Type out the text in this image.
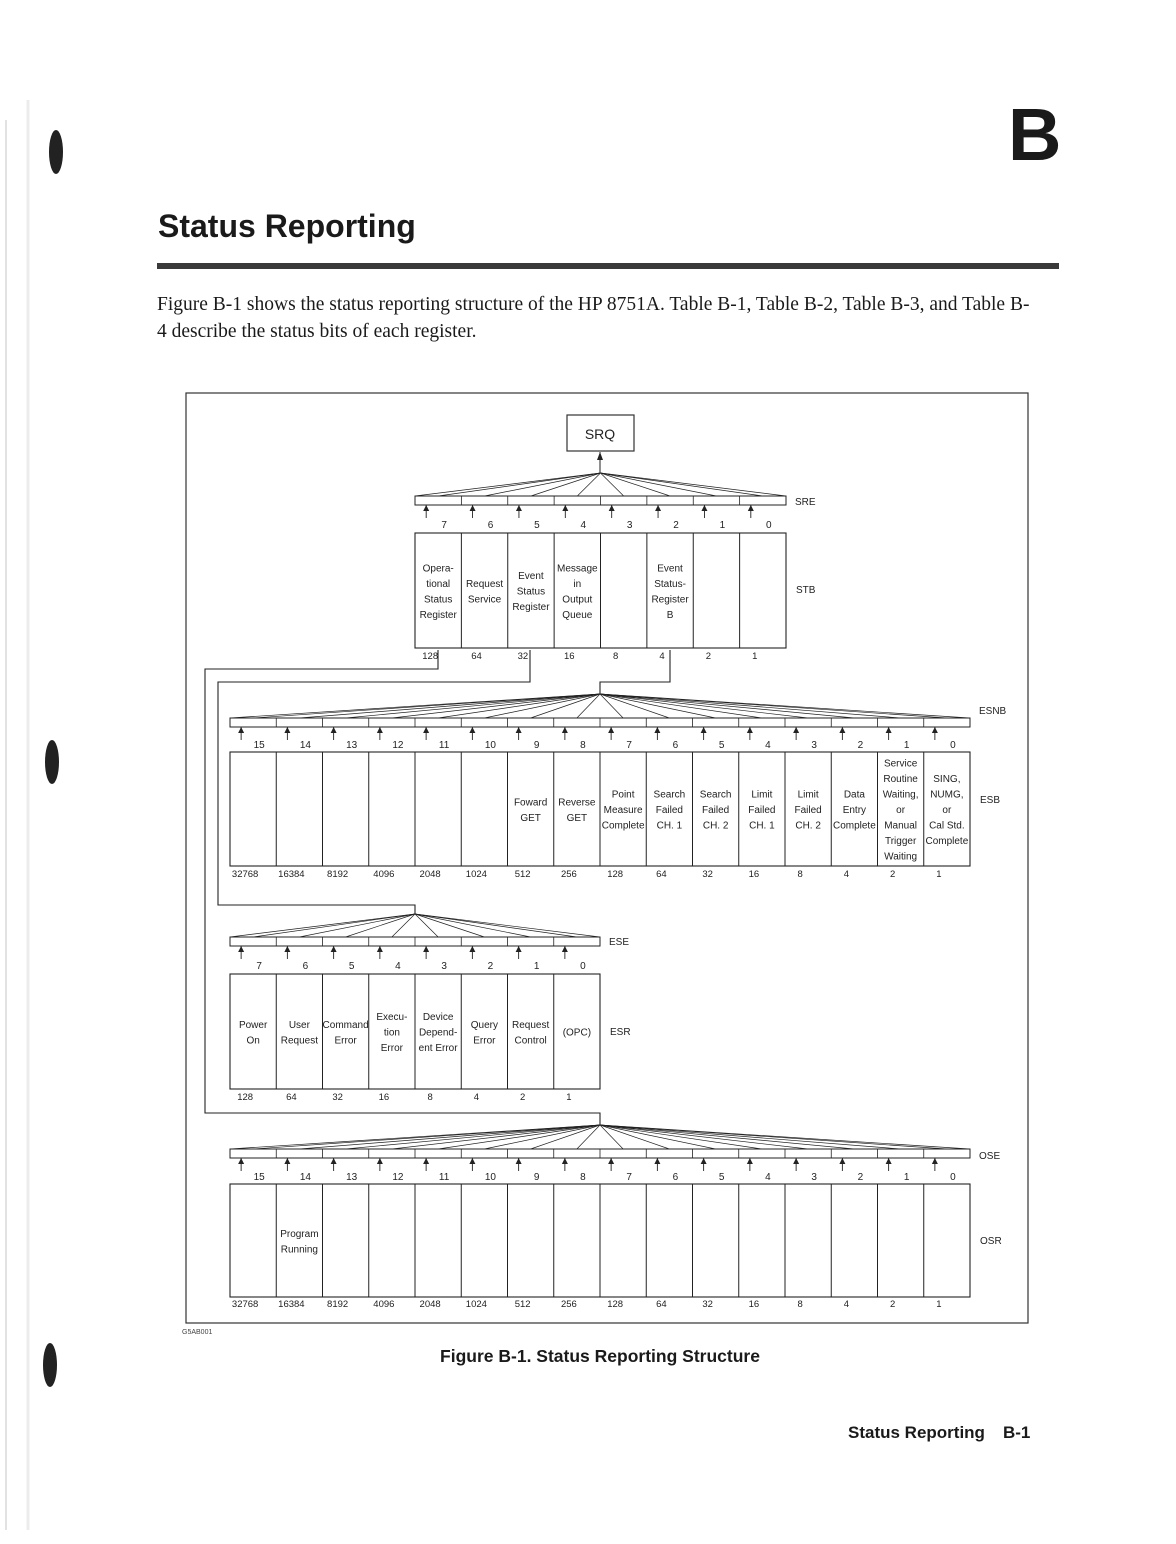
B
Status Reporting

Figure B-1 shows the status reporting structure of the HP 8751A. Table B-1, Table B-2, Table B-3, and Table B-4 describe the status bits of each register.

SRQ
SRE
7
128
Opera-
tional
Status
Register
6
64
Request
Service
5
32
Event
Status
Register
4
16
Message
in
Output
Queue
3
8
2
4
Event
Status-
Register
B
1
2
0
1
STB
ESNB
15
32768
14
16384
13
8192
12
4096
11
2048
10
1024
9
512
Foward
GET
8
256
Reverse
GET
7
128
Point
Measure
Complete
6
64
Search
Failed
CH. 1
5
32
Search
Failed
CH. 2
4
16
Limit
Failed
CH. 1
3
8
Limit
Failed
CH. 2
2
4
Data
Entry
Complete
1
2
Service
Routine
Waiting,
or
Manual
Trigger
Waiting
0
1
SING,
NUMG,
or
Cal Std.
Complete
ESB
ESE
7
128
Power
On
6
64
User
Request
5
32
Command
Error
4
16
Execu-
tion
Error
3
8
Device
Depend-
ent Error
2
4
Query
Error
1
2
Request
Control
0
1
(OPC) ESR
OSE
15
32768
14
16384
Program
Running
13
8192
12
4096
11
2048
10
1024
9
512
8
256
7
128
6
64
5
32
4
16
3
8
2
4
1
2
0
1
OSR
G5AB001
Figure B-1. Status Reporting Structure
Status Reporting B-1
